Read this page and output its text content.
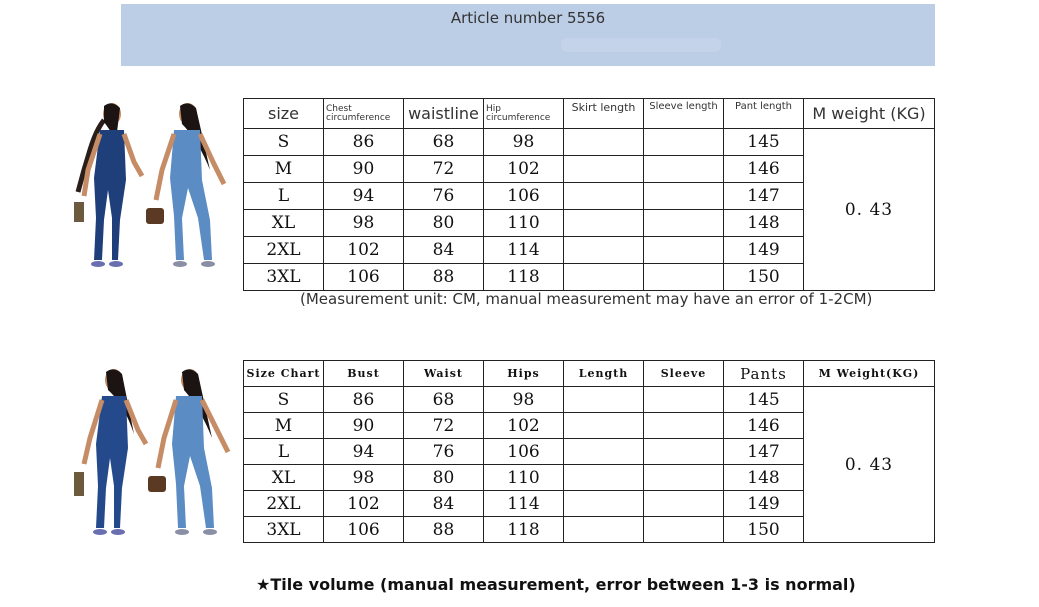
Article number 5556
size	Chest circumference	waistline	Hip circumference	Skirt length	Sleeve length	Pant length	M weight (KG)
S	86	68	98			145	0. 43
M	90	72	102			146	
L	94	76	106			147	
XL	98	80	110			148	
2XL	102	84	114			149	
3XL	106	88	118			150	
(Measurement unit: CM, manual measurement may have an error of 1-2CM)
Size Chart	Bust	Waist	Hips	Length	Sleeve	Pants	M Weight(KG)
S	86	68	98			145	0. 43
M	90	72	102			146	
L	94	76	106			147	
XL	98	80	110			148	
2XL	102	84	114			149	
3XL	106	88	118			150	
★Tile volume (manual measurement, error between 1-3 is normal)
